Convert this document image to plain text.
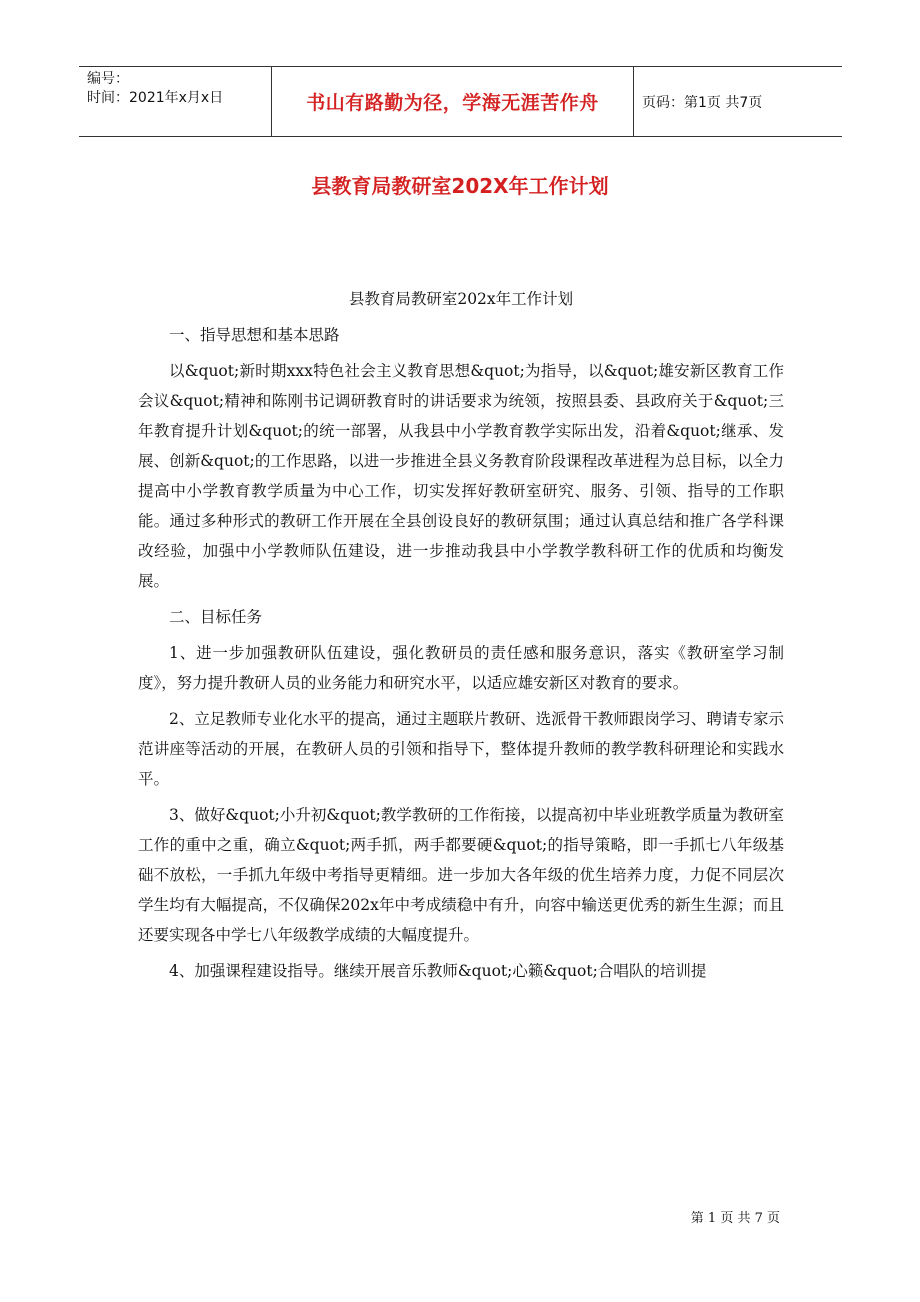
编号：
时间：2021年x月x日	书山有路勤为径，学海无涯苦作舟	页码：第1页 共7页
县教育局教研室202X年工作计划

县教育局教研室202x年工作计划

一、指导思想和基本思路

以&quot;新时期xxx特色社会主义教育思想&quot;为指导，以&quot;雄安新区教育工作会议&quot;精神和陈刚书记调研教育时的讲话要求为统领，按照县委、县政府关于&quot;三年教育提升计划&quot;的统一部署，从我县中小学教育教学实际出发，沿着&quot;继承、发展、创新&quot;的工作思路，以进一步推进全县义务教育阶段课程改革进程为总目标，以全力提高中小学教育教学质量为中心工作，切实发挥好教研室研究、服务、引领、指导的工作职能。通过多种形式的教研工作开展在全县创设良好的教研氛围；通过认真总结和推广各学科课改经验，加强中小学教师队伍建设，进一步推动我县中小学教学教科研工作的优质和均衡发展。

二、目标任务

1、进一步加强教研队伍建设，强化教研员的责任感和服务意识，落实《教研室学习制度》，努力提升教研人员的业务能力和研究水平，以适应雄安新区对教育的要求。

2、立足教师专业化水平的提高，通过主题联片教研、选派骨干教师跟岗学习、聘请专家示范讲座等活动的开展，在教研人员的引领和指导下，整体提升教师的教学教科研理论和实践水平。

3、做好&quot;小升初&quot;教学教研的工作衔接，以提高初中毕业班教学质量为教研室工作的重中之重，确立&quot;两手抓，两手都要硬&quot;的指导策略，即一手抓七八年级基础不放松，一手抓九年级中考指导更精细。进一步加大各年级的优生培养力度，力促不同层次学生均有大幅提高，不仅确保202x年中考成绩稳中有升，向容中输送更优秀的新生生源；而且还要实现各中学七八年级教学成绩的大幅度提升。

4、加强课程建设指导。继续开展音乐教师&quot;心籁&quot;合唱队的培训提

第 1 页 共 7 页
